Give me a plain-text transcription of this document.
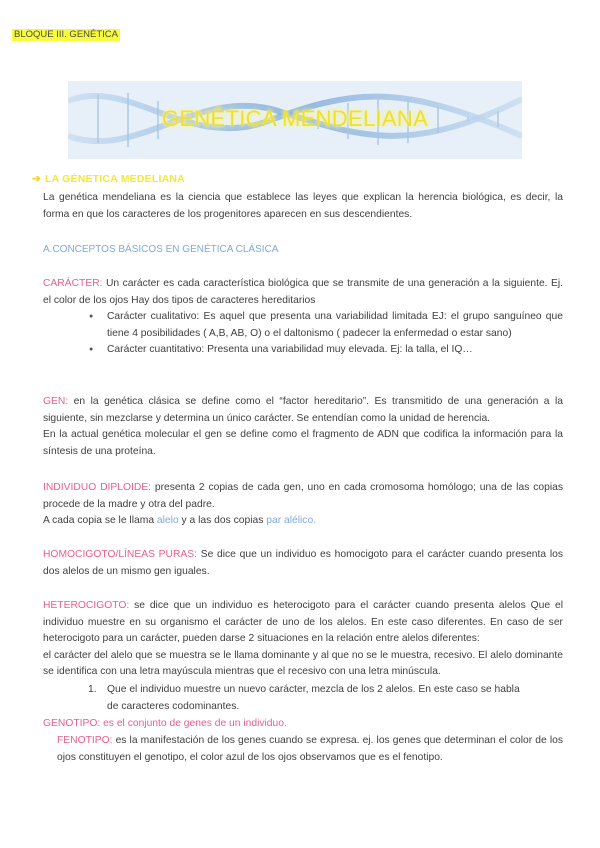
BLOQUE III. GENÉTICA
GENÉTICA MENDELIANA
➔ LA GÉNETICA MEDELIANA
La genética mendeliana es la ciencia que establece las leyes que explican la herencia biológica, es decir, la forma en que los caracteres de los progenitores aparecen en sus descendientes.
A.CONCEPTOS BÁSICOS EN GENÉTICA CLÁSICA
CARÁCTER: Un carácter es cada característica biológica que se transmite de una generación a la siguiente. Ej. el color de los ojos Hay dos tipos de caracteres hereditarios
● Carácter cualitativo: Es aquel que presenta una variabilidad limitada EJ: el grupo sanguíneo que tiene 4 posibilidades ( A,B, AB, O) o el daltonismo ( padecer la enfermedad o estar sano)
● Carácter cuantitativo: Presenta una variabilidad muy elevada. Ej: la talla, el IQ…
GEN: en la genética clásica se define como el “factor hereditario”. Es transmitido de una generación a la siguiente, sin mezclarse y determina un único carácter. Se entendían como la unidad de herencia.
En la actual genética molecular el gen se define como el fragmento de ADN que codifica la información para la síntesis de una proteína.
INDIVIDUO DIPLOIDE: presenta 2 copias de cada gen, uno en cada cromosoma homólogo; una de las copias procede de la madre y otra del padre.
A cada copia se le llama alelo y a las dos copias par alélico.
HOMOCIGOTO/LÍNEAS PURAS: Se dice que un individuo es homocigoto para el carácter cuando presenta los dos alelos de un mismo gen iguales.
HETEROCIGOTO: se dice que un individuo es heterocigoto para el carácter cuando presenta alelos Que el individuo muestre en su organismo el carácter de uno de los alelos. En este caso diferentes. En caso de ser heterocigoto para un carácter, pueden darse 2 situaciones en la relación entre alelos diferentes:
el carácter del alelo que se muestra se le llama dominante y al que no se le muestra, recesivo. El alelo dominante se identifica con una letra mayúscula mientras que el recesivo con una letra minúscula.
1. Que el individuo muestre un nuevo carácter, mezcla de los 2 alelos. En este caso se habla
de caracteres codominantes.
GENOTIPO: es el conjunto de genes de un individuo.
FENOTIPO: es la manifestación de los genes cuando se expresa. ej. los genes que determinan el color de los ojos constituyen el genotipo, el color azul de los ojos observamos que es el fenotipo.
